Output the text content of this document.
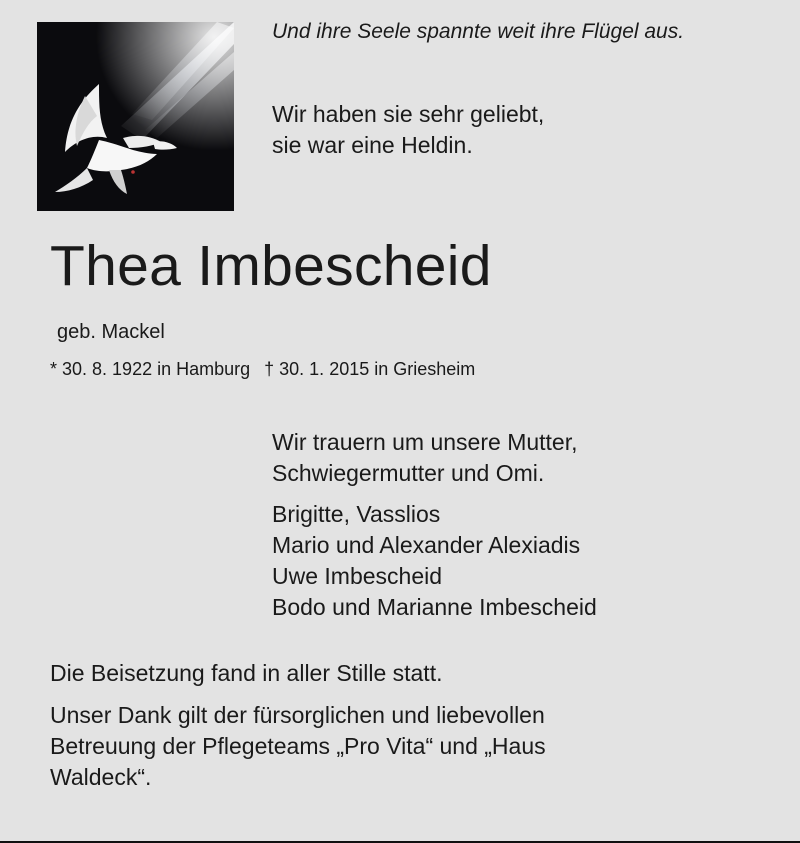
Und ihre Seele spannte weit ihre Flügel aus.
Wir haben sie sehr geliebt,
sie war eine Heldin.
Thea Imbescheid
geb. Mackel
* 30. 8. 1922 in Hamburg † 30. 1. 2015 in Griesheim
Wir trauern um unsere Mutter,
Schwiegermutter und Omi.
Brigitte, Vasslios
Mario und Alexander Alexiadis
Uwe Imbescheid
Bodo und Marianne Imbescheid
Die Beisetzung fand in aller Stille statt.
Unser Dank gilt der fürsorglichen und liebevollen
Betreuung der Pflegeteams „Pro Vita“ und „Haus
Waldeck“.
